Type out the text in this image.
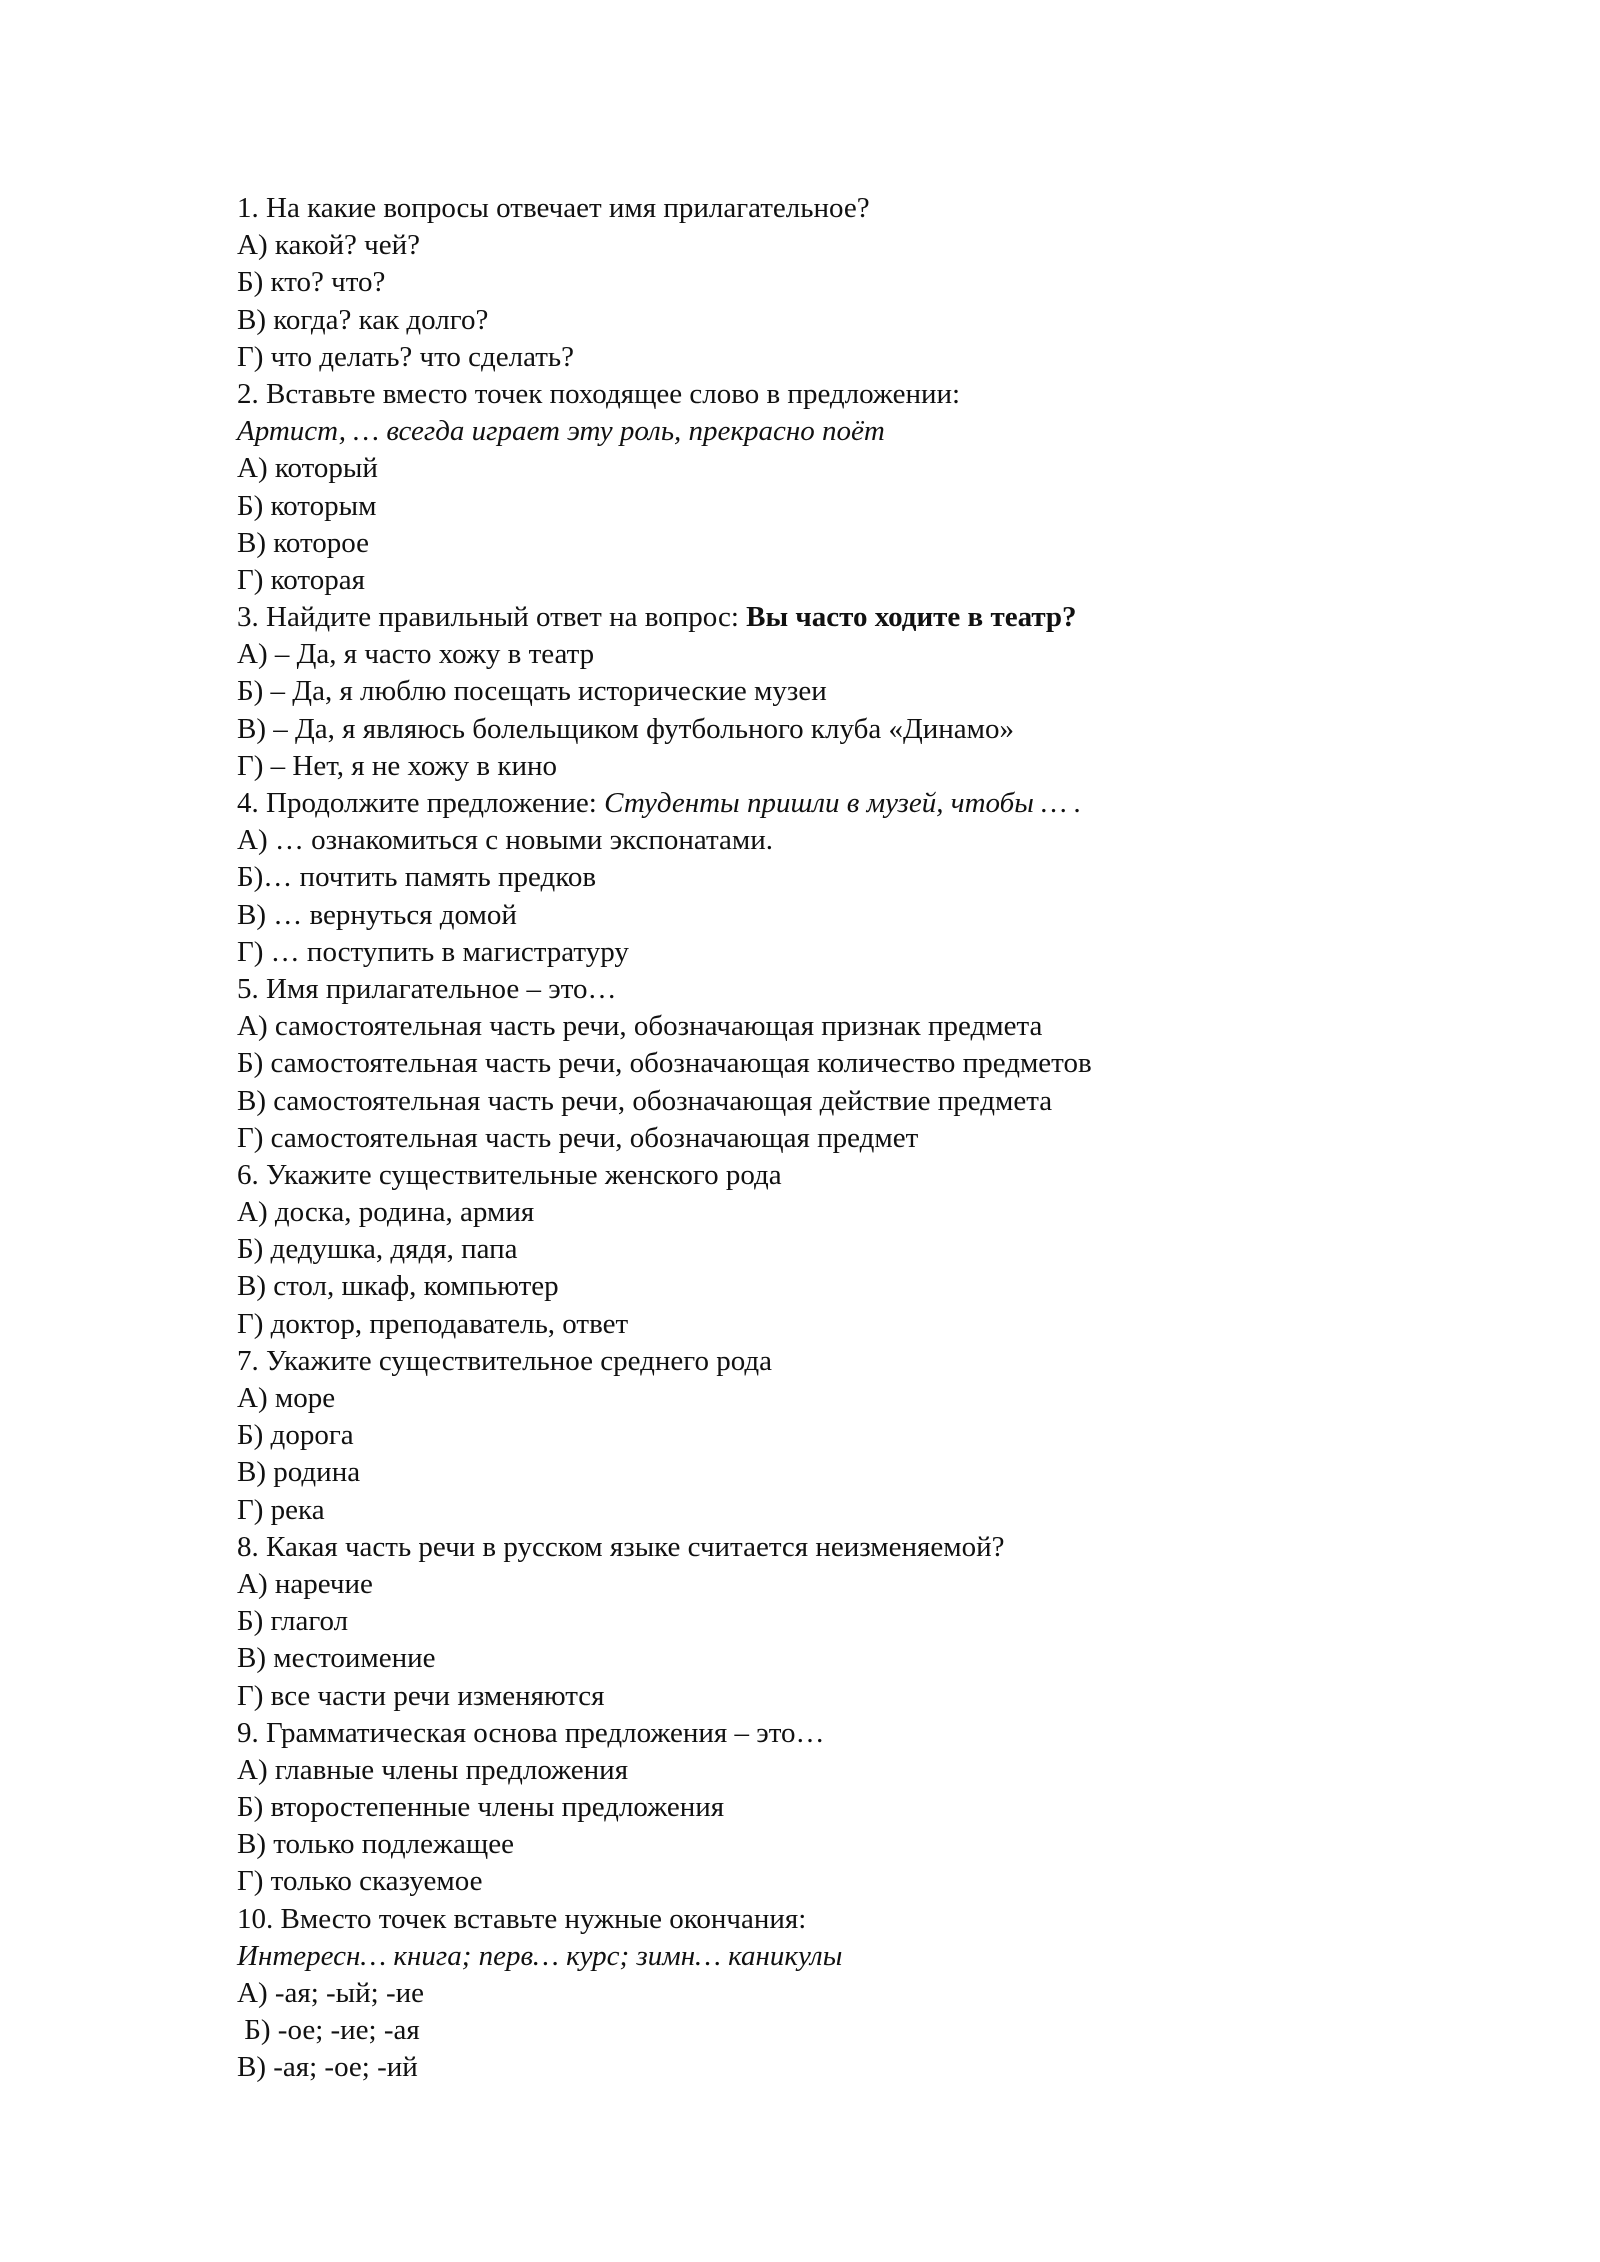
1. На какие вопросы отвечает имя прилагательное?
А) какой? чей?
Б) кто? что?
В) когда? как долго?
Г) что делать? что сделать?
2. Вставьте вместо точек походящее слово в предложении:
Артист, … всегда играет эту роль, прекрасно поёт
А) который
Б) которым
В) которое
Г) которая
3. Найдите правильный ответ на вопрос: Вы часто ходите в театр?
А) – Да, я часто хожу в театр
Б) – Да, я люблю посещать исторические музеи
В) – Да, я являюсь болельщиком футбольного клуба «Динамо»
Г) – Нет, я не хожу в кино
4. Продолжите предложение: Студенты пришли в музей, чтобы … .
А) … ознакомиться с новыми экспонатами.
Б)… почтить память предков
В) … вернуться домой
Г) … поступить в магистратуру
5. Имя прилагательное – это…
А) самостоятельная часть речи, обозначающая признак предмета
Б) самостоятельная часть речи, обозначающая количество предметов
В) самостоятельная часть речи, обозначающая действие предмета
Г) самостоятельная часть речи, обозначающая предмет
6. Укажите существительные женского рода
А) доска, родина, армия
Б) дедушка, дядя, папа
В) стол, шкаф, компьютер
Г) доктор, преподаватель, ответ
7. Укажите существительное среднего рода
А) море
Б) дорога
В) родина
Г) река
8. Какая часть речи в русском языке считается неизменяемой?
А) наречие
Б) глагол
В) местоимение
Г) все части речи изменяются
9. Грамматическая основа предложения – это…
А) главные члены предложения
Б) второстепенные члены предложения
В) только подлежащее
Г) только сказуемое
10. Вместо точек вставьте нужные окончания:
Интересн… книга; перв… курс; зимн… каникулы
А) -ая; -ый; -ие
Б) -ое; -ие; -ая
В) -ая; -ое; -ий
